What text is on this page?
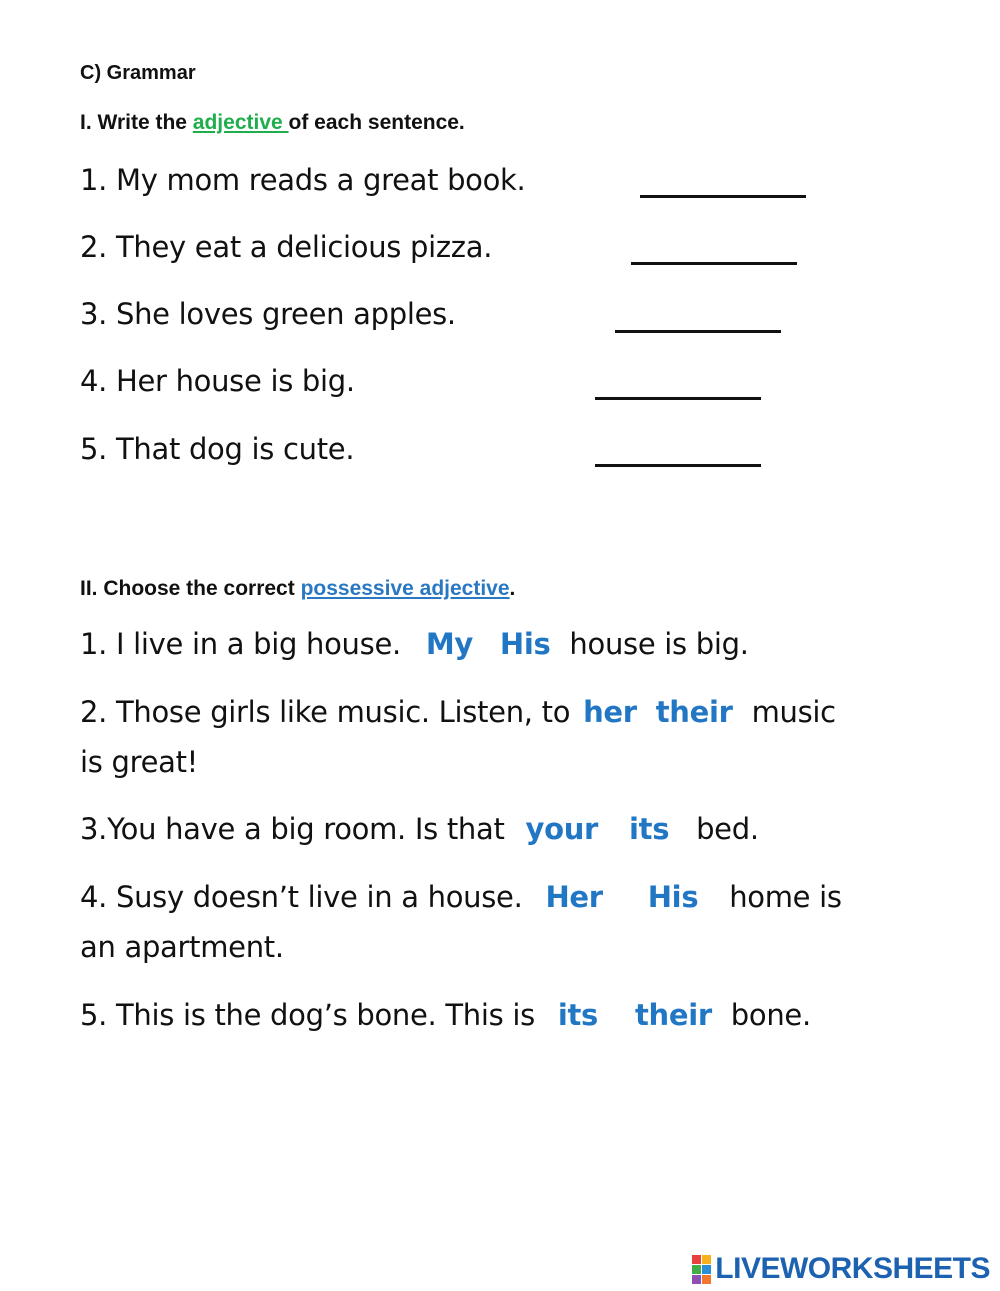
C) Grammar
I. Write the adjective of each sentence.
1. My mom reads a great book.
2. They eat a delicious pizza.
3. She loves green apples.
4. Her house is big.
5. That dog is cute.
II. Choose the correct possessive adjective.
1. I live in a big house. My His house is big.
2. Those girls like music. Listen, to her their music
is great!
3.You have a big room. Is that your its bed.
4. Susy doesn’t live in a house. Her His home is
an apartment.
5. This is the dog’s bone. This is its their bone.
LIVEWORKSHEETS
